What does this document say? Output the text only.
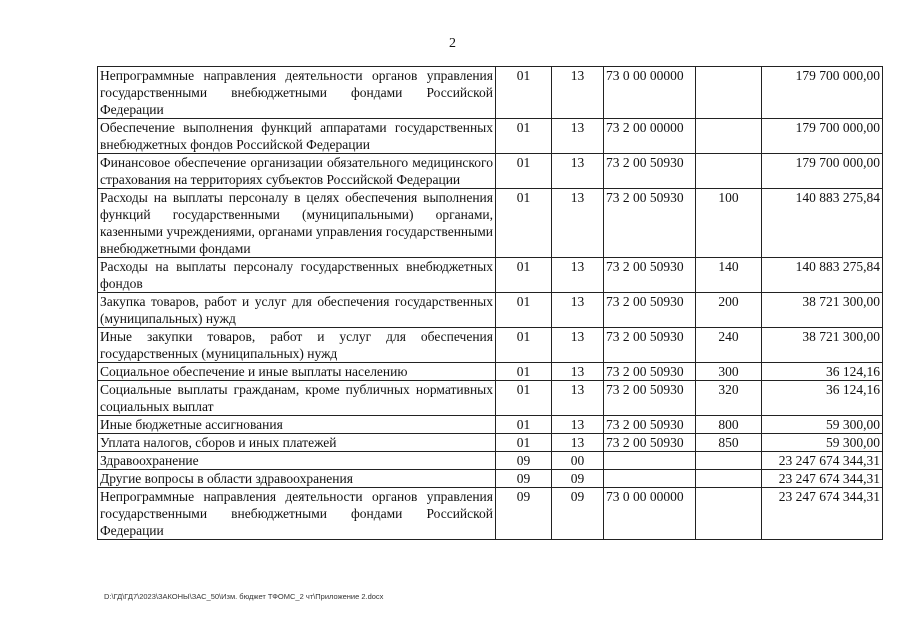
2
Непрограммные направления деятельности органов управления государственными внебюджетными фондами Российской Федерации	01	13	73 0 00 00000		179 700 000,00
Обеспечение выполнения функций аппаратами государственных внебюджетных фондов Российской Федерации	01	13	73 2 00 00000		179 700 000,00
Финансовое обеспечение организации обязательного медицинского страхования на территориях субъектов Российской Федерации	01	13	73 2 00 50930		179 700 000,00
Расходы на выплаты персоналу в целях обеспечения выполнения функций государственными (муниципальными) органами, казенными учреждениями, органами управления государственными внебюджетными фондами	01	13	73 2 00 50930	100	140 883 275,84
Расходы на выплаты персоналу государственных внебюджетных фондов	01	13	73 2 00 50930	140	140 883 275,84
Закупка товаров, работ и услуг для обеспечения государственных (муниципальных) нужд	01	13	73 2 00 50930	200	38 721 300,00
Иные закупки товаров, работ и услуг для обеспечения государственных (муниципальных) нужд	01	13	73 2 00 50930	240	38 721 300,00
Социальное обеспечение и иные выплаты населению	01	13	73 2 00 50930	300	36 124,16
Социальные выплаты гражданам, кроме публичных нормативных социальных выплат	01	13	73 2 00 50930	320	36 124,16
Иные бюджетные ассигнования	01	13	73 2 00 50930	800	59 300,00
Уплата налогов, сборов и иных платежей	01	13	73 2 00 50930	850	59 300,00
Здравоохранение	09	00			23 247 674 344,31
Другие вопросы в области здравоохранения	09	09			23 247 674 344,31
Непрограммные направления деятельности органов управления государственными внебюджетными фондами Российской Федерации	09	09	73 0 00 00000		23 247 674 344,31
D:\ГД\ГД7\2023\ЗАКОНЫ\ЗАС_50\Изм. бюджет ТФОМС_2 чт\Приложение 2.docx
